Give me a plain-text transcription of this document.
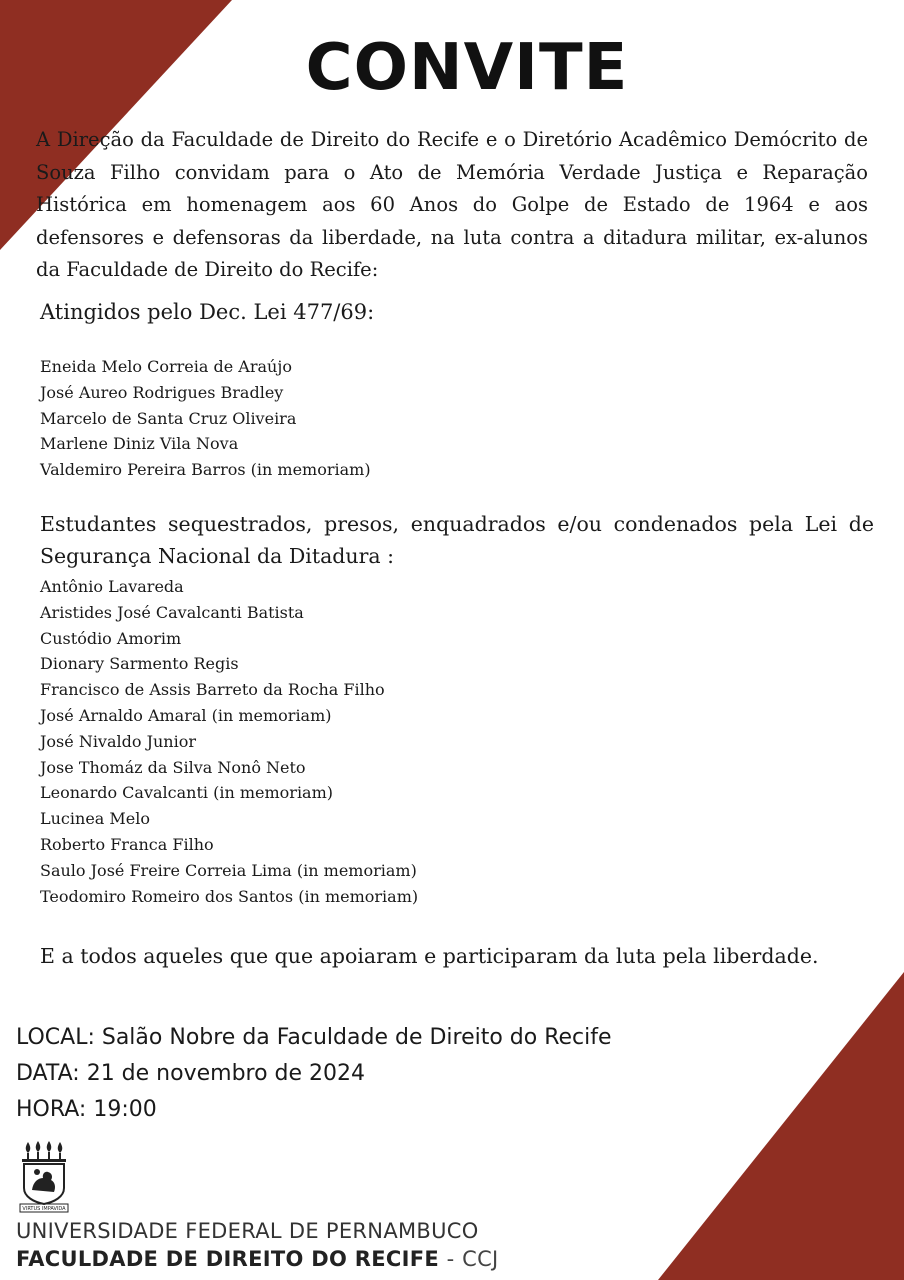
CONVITE

A Direção da Faculdade de Direito do Recife e o Diretório Acadêmico Demócrito de Souza Filho convidam para o Ato de Memória Verdade Justiça e Reparação Histórica em homenagem aos 60 Anos do Golpe de Estado de 1964 e aos defensores e defensoras da liberdade, na luta contra a ditadura militar, ex-alunos da Faculdade de Direito do Recife:

Atingidos pelo Dec. Lei 477/69:

Eneida Melo Correia de Araújo
José Aureo Rodrigues Bradley
Marcelo de Santa Cruz Oliveira
Marlene Diniz Vila Nova
Valdemiro Pereira Barros (in memoriam)

Estudantes sequestrados, presos, enquadrados e/ou condenados pela Lei de Segurança Nacional da Ditadura :

Antônio Lavareda
Aristides José Cavalcanti Batista
Custódio Amorim
Dionary Sarmento Regis
Francisco de Assis Barreto da Rocha Filho
José Arnaldo Amaral (in memoriam)
José Nivaldo Junior
Jose Thomáz da Silva Nonô Neto
Leonardo Cavalcanti (in memoriam)
Lucinea Melo
Roberto Franca Filho
Saulo José Freire Correia Lima (in memoriam)
Teodomiro Romeiro dos Santos (in memoriam)

E a todos aqueles que que apoiaram e participaram da luta pela liberdade.

LOCAL: Salão Nobre da Faculdade de Direito do Recife
DATA: 21 de novembro de 2024
HORA: 19:00
VIRTUS IMPAVIDA
UNIVERSIDADE FEDERAL DE PERNAMBUCO
FACULDADE DE DIREITO DO RECIFE - CCJ
